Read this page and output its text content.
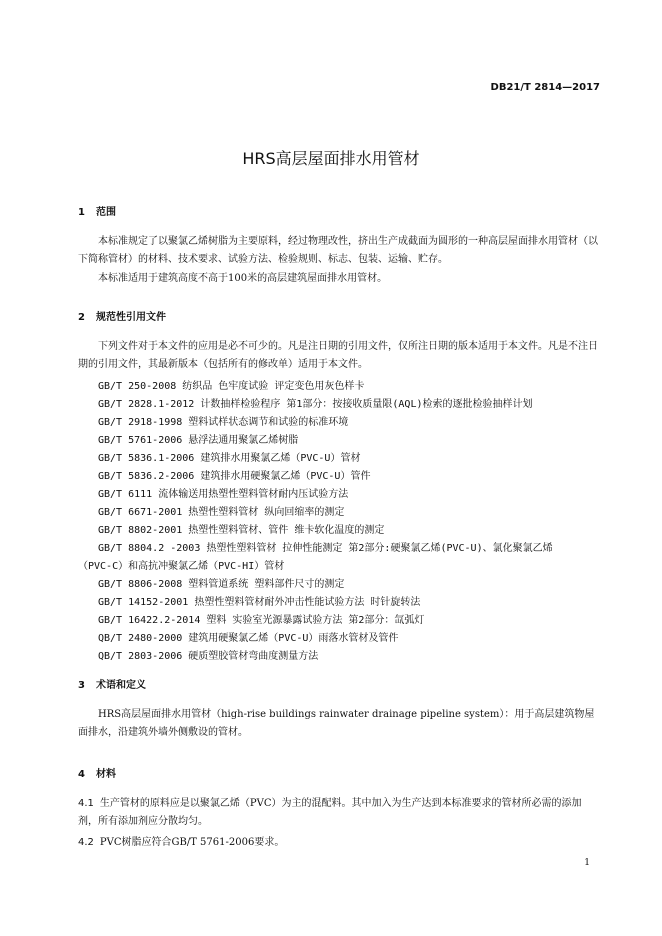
DB21/T 2814—2017
HRS高层屋面排水用管材
1 范围

本标准规定了以聚氯乙烯树脂为主要原料，经过物理改性，挤出生产成截面为圆形的一种高层屋面排水用管材（以下简称管材）的材料、技术要求、试验方法、检验规则、标志、包装、运输、贮存。

本标准适用于建筑高度不高于100米的高层建筑屋面排水用管材。

2 规范性引用文件

下列文件对于本文件的应用是必不可少的。凡是注日期的引用文件，仅所注日期的版本适用于本文件。凡是不注日期的引用文件，其最新版本（包括所有的修改单）适用于本文件。

GB/T 250-2008 纺织品 色牢度试验 评定变色用灰色样卡
GB/T 2828.1-2012 计数抽样检验程序 第1部分：按接收质量限(AQL)检索的逐批检验抽样计划
GB/T 2918-1998 塑料试样状态调节和试验的标准环境
GB/T 5761-2006 悬浮法通用聚氯乙烯树脂
GB/T 5836.1-2006 建筑排水用聚氯乙烯（PVC-U）管材
GB/T 5836.2-2006 建筑排水用硬聚氯乙烯（PVC-U）管件
GB/T 6111 流体输送用热塑性塑料管材耐内压试验方法
GB/T 6671-2001 热塑性塑料管材 纵向回缩率的测定
GB/T 8802-2001 热塑性塑料管材、管件 维卡软化温度的测定
GB/T 8804.2 -2003 热塑性塑料管材 拉伸性能测定 第2部分:硬聚氯乙烯(PVC-U)、氯化聚氯乙烯
（PVC-C）和高抗冲聚氯乙烯（PVC-HI）管材
GB/T 8806-2008 塑料管道系统 塑料部件尺寸的测定
GB/T 14152-2001 热塑性塑料管材耐外冲击性能试验方法 时针旋转法
GB/T 16422.2-2014 塑料 实验室光源暴露试验方法 第2部分：氙弧灯
QB/T 2480-2000 建筑用硬聚氯乙烯（PVC-U）雨落水管材及管件
QB/T 2803-2006 硬质塑胶管材弯曲度测量方法
3 术语和定义

HRS高层屋面排水用管材（high-rise buildings rainwater drainage pipeline system）：用于高层建筑物屋面排水，沿建筑外墙外侧敷设的管材。

4 材料

4.1 生产管材的原料应是以聚氯乙烯（PVC）为主的混配料。其中加入为生产达到本标准要求的管材所必需的添加剂，所有添加剂应分散均匀。

4.2 PVC树脂应符合GB/T 5761-2006要求。

1
